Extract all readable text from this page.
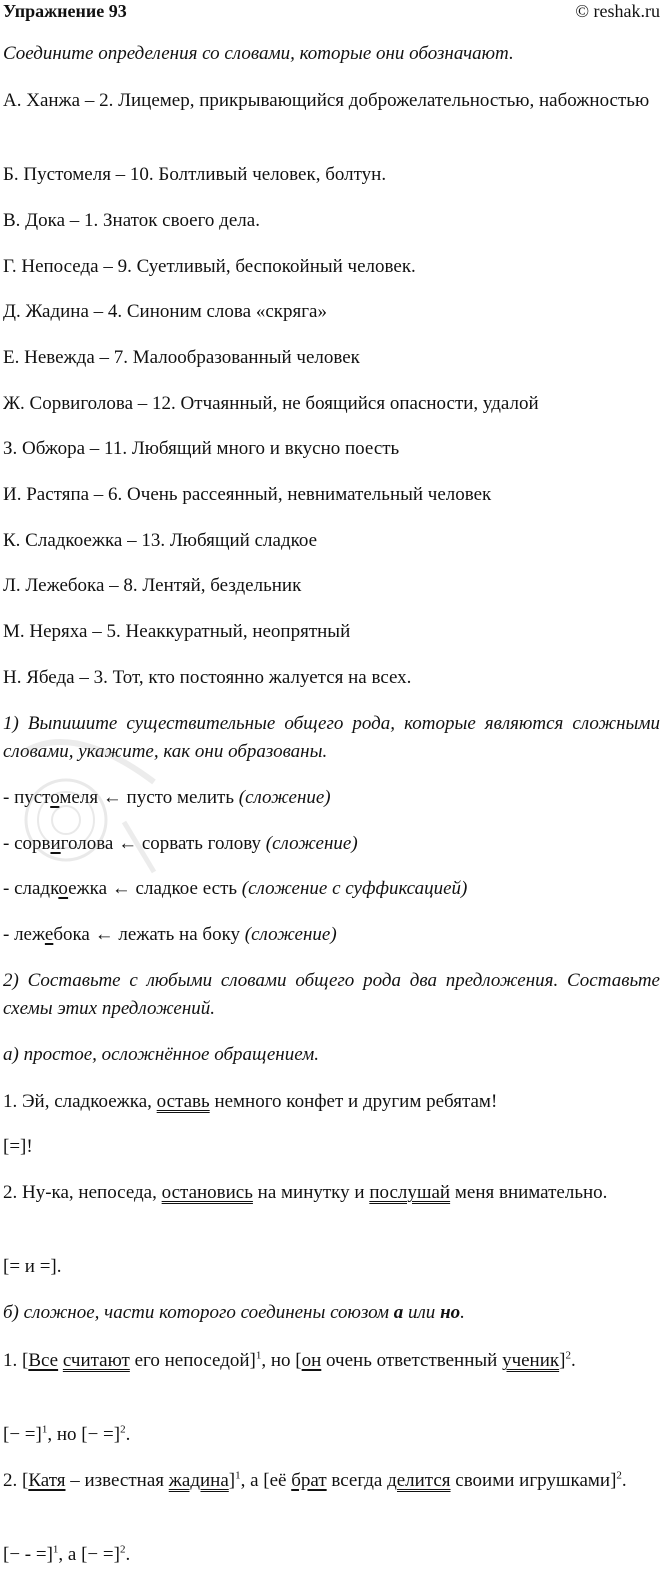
Упражнение 93	© reshak.ru

Соедините определения со словами, которые они обозначают.

А. Ханжа – 2. Лицемер, прикрывающийся доброжелательностью, набожностью

Б. Пустомеля – 10. Болтливый человек, болтун.

В. Дока – 1. Знаток своего дела.

Г. Непоседа – 9. Суетливый, беспокойный человек.

Д. Жадина – 4. Синоним слова «скряга»

Е. Невежда – 7. Малообразованный человек

Ж. Сорвиголова – 12. Отчаянный, не боящийся опасности, удалой

З. Обжора – 11. Любящий много и вкусно поесть

И. Растяпа – 6. Очень рассеянный, невнимательный человек

К. Сладкоежка – 13. Любящий сладкое

Л. Лежебока – 8. Лентяй, бездельник

М. Неряха – 5. Неаккуратный, неопрятный

Н. Ябеда – 3. Тот, кто постоянно жалуется на всех.

1) Выпишите существительные общего рода, которые являются сложными словами, укажите, как они образованы.

- пустомеля ← пусто мелить (сложение)

- сорвиголова ← сорвать голову (сложение)

- сладкоежка ← сладкое есть (сложение с суффиксацией)

- лежебока ← лежать на боку (сложение)

2) Составьте с любыми словами общего рода два предложения. Составьте схемы этих предложений.

а) простое, осложнённое обращением.

1. Эй, сладкоежка, оставь немного конфет и другим ребятам!

[=]!

2. Ну-ка, непоседа, остановись на минутку и послушай меня внимательно.

[= и =].

б) сложное, части которого соединены союзом а или но.

1. [Все считают его непоседой]$^1$, но [он очень ответственный ученик]$^2$.

[− =]$^1$, но [− =]$^2$.

2. [Катя – известная жадина]$^1$, а [её брат всегда делится своими игрушками]$^2$.

[− - =]$^1$, а [− =]$^2$.
